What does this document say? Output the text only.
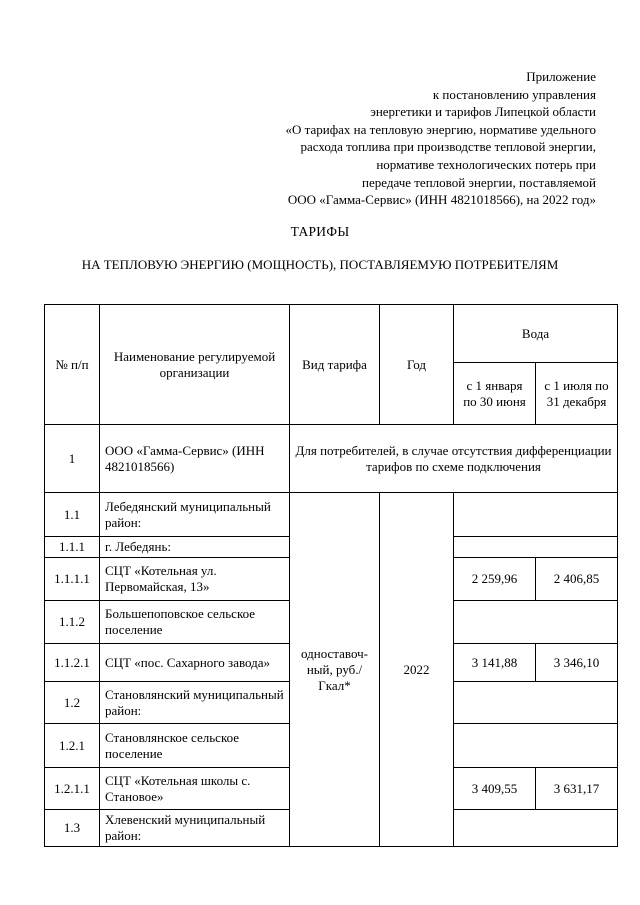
Приложение
к постановлению управления
энергетики и тарифов Липецкой области
«О тарифах на тепловую энергию, нормативе удельного
расхода топлива при производстве тепловой энергии,
нормативе технологических потерь при
передаче тепловой энергии, поставляемой
ООО «Гамма-Сервис» (ИНН 4821018566), на 2022 год»
ТАРИФЫ
НА ТЕПЛОВУЮ ЭНЕРГИЮ (МОЩНОСТЬ), ПОСТАВЛЯЕМУЮ ПОТРЕБИТЕЛЯМ
№ п/п	Наименование регулируемой организации	Вид тарифа	Год	Вода	
				с 1 января по 30 июня	с 1 июля по 31 декабря
1	ООО «Гамма-Сервис» (ИНН 4821018566)	Для потребителей, в случае отсутствия дифференциации тарифов по схеме подключения			
1.1	Лебедянский муниципальный район:	одноставоч-ный, руб./Гкал*	2022		
1.1.1	г. Лебедянь:				
1.1.1.1	СЦТ «Котельная ул. Первомайская, 13»			2 259,96	2 406,85
1.1.2	Большепоповское сельское поселение				
1.1.2.1	СЦТ «пос. Сахарного завода»			3 141,88	3 346,10
1.2	Становлянский муниципальный район:				
1.2.1	Становлянское сельское поселение				
1.2.1.1	СЦТ «Котельная школы с. Становое»			3 409,55	3 631,17
1.3	Хлевенский муниципальный район:				
